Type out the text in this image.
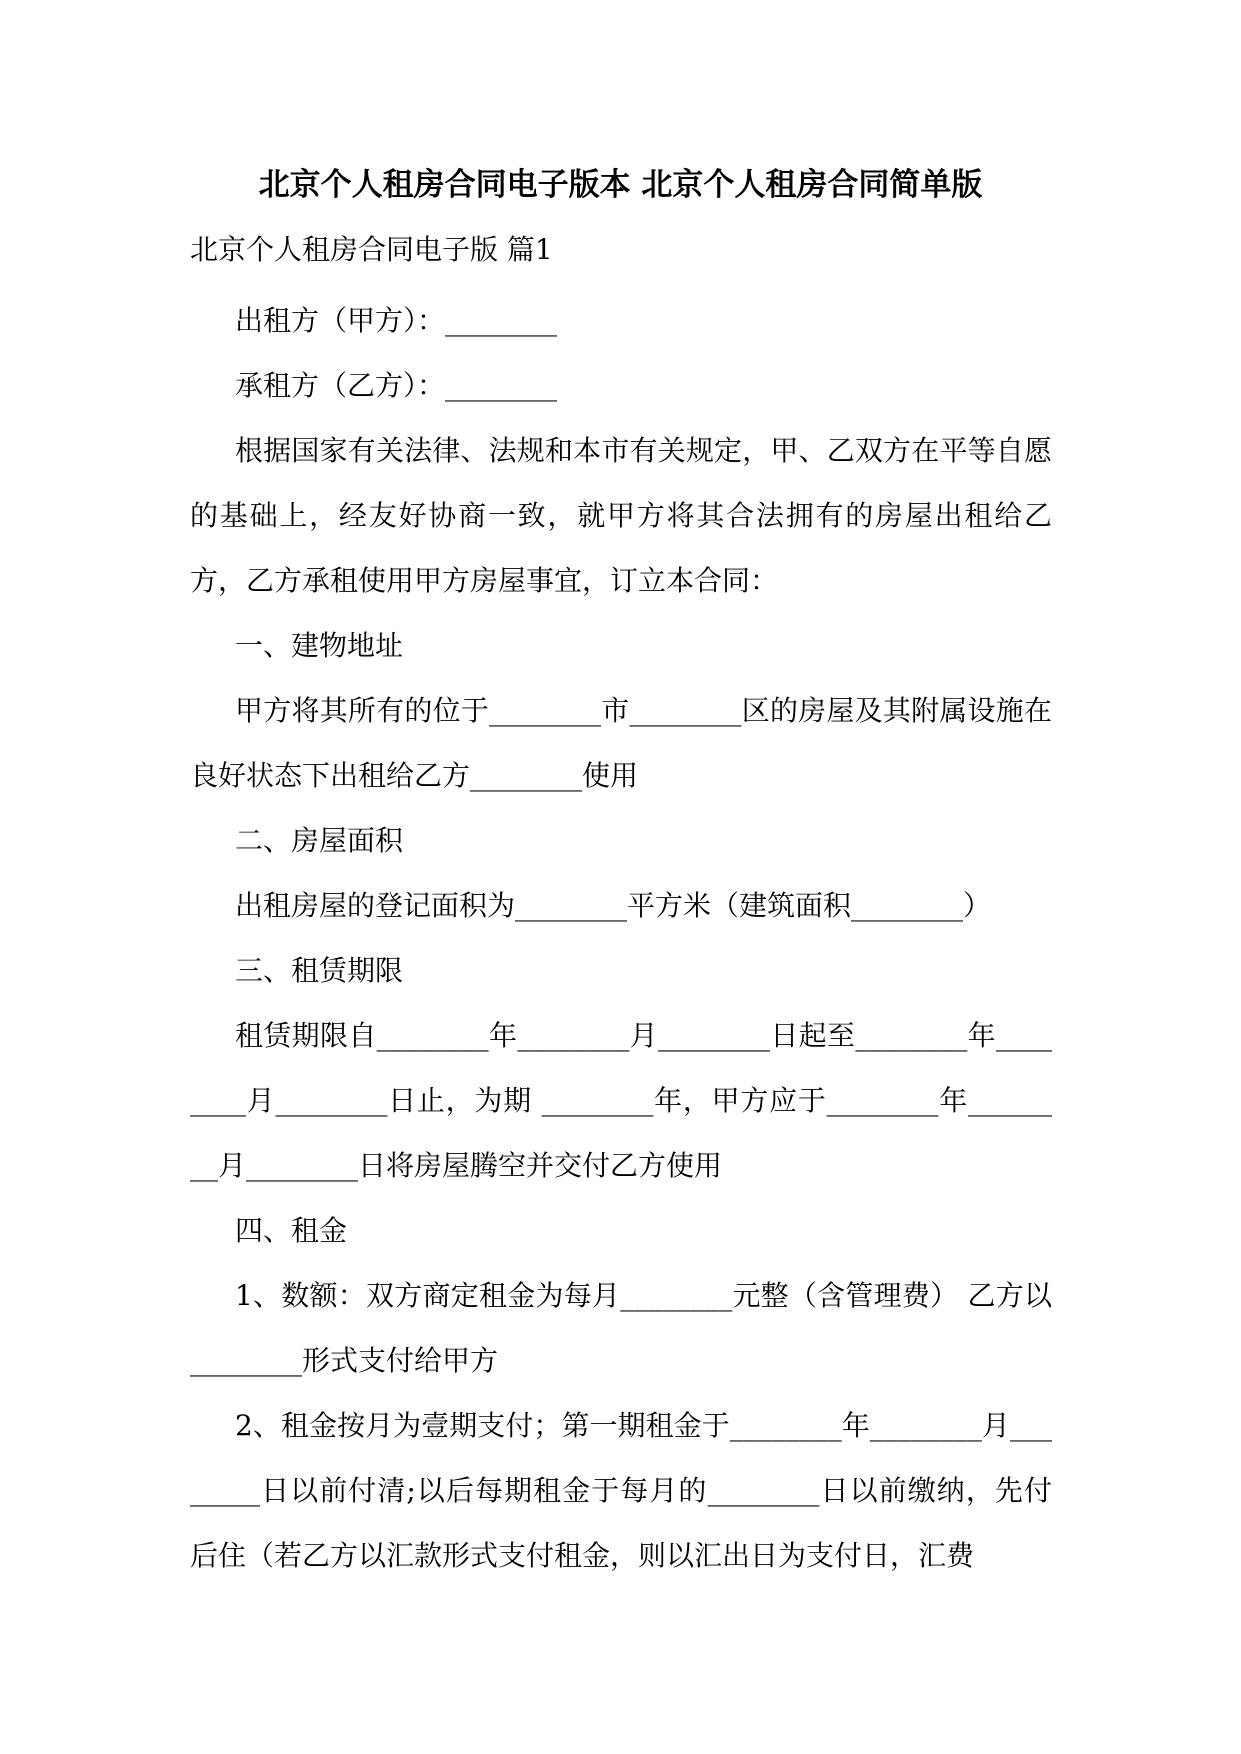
北京个人租房合同电子版本 北京个人租房合同简单版
北京个人租房合同电子版 篇1

出租方（甲方）：________

承租方（乙方）：________

根据国家有关法律、法规和本市有关规定，甲、乙双方在平等自愿的基础上，经友好协商一致，就甲方将其合法拥有的房屋出租给乙方，乙方承租使用甲方房屋事宜，订立本合同：

一、建物地址

甲方将其所有的位于________市________区的房屋及其附属设施在良好状态下出租给乙方________使用

二、房屋面积

出租房屋的登记面积为________平方米（建筑面积________）

三、租赁期限

租赁期限自________年________月________日起至________年________月________日止，为期 ________年，甲方应于________年________月________日将房屋腾空并交付乙方使用

四、租金

1、数额：双方商定租金为每月________元整（含管理费） 乙方以________形式支付给甲方

2、租金按月为壹期支付；第一期租金于________年________月________日以前付清;以后每期租金于每月的________日以前缴纳，先付后住（若乙方以汇款形式支付租金，则以汇出日为支付日，汇费
